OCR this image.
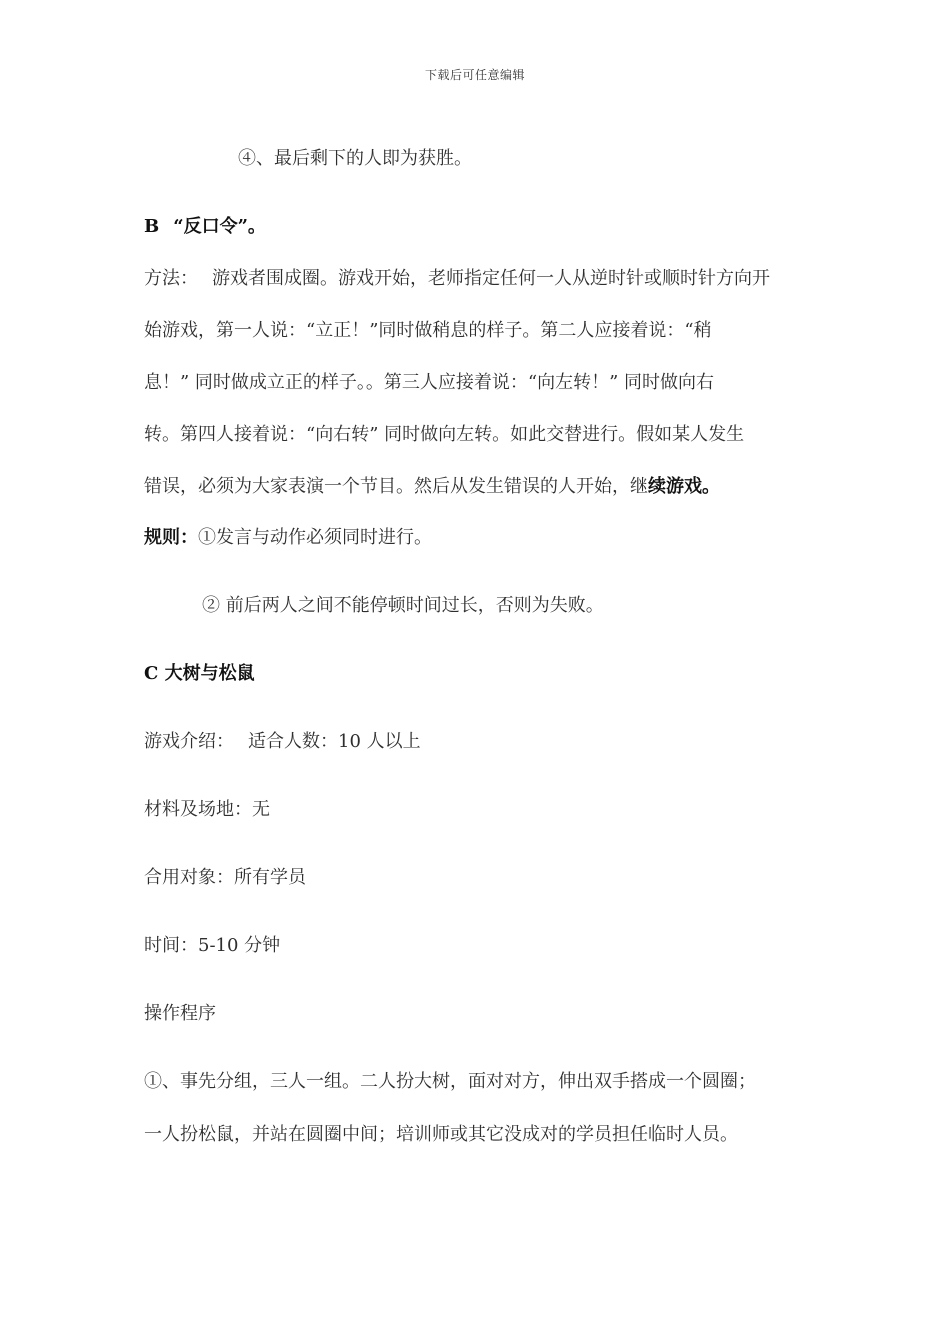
下载后可任意编辑
④、最后剩下的人即为获胜。
B “反口令”。
方法： 游戏者围成圈。游戏开始，老师指定任何一人从逆时针或顺时针方向开
始游戏，第一人说：“立正！”同时做稍息的样子。第二人应接着说：“稍
息！” 同时做成立正的样子。。第三人应接着说：“向左转！” 同时做向右
转。第四人接着说：“向右转” 同时做向左转。如此交替进行。假如某人发生
错误，必须为大家表演一个节目。然后从发生错误的人开始，继续游戏。
规则：①发言与动作必须同时进行。
② 前后两人之间不能停顿时间过长，否则为失败。
C 大树与松鼠
游戏介绍： 适合人数：10 人以上
材料及场地：无
合用对象：所有学员
时间：5-10 分钟
操作程序
①、事先分组，三人一组。二人扮大树，面对对方，伸出双手搭成一个圆圈；
一人扮松鼠，并站在圆圈中间；培训师或其它没成对的学员担任临时人员。
